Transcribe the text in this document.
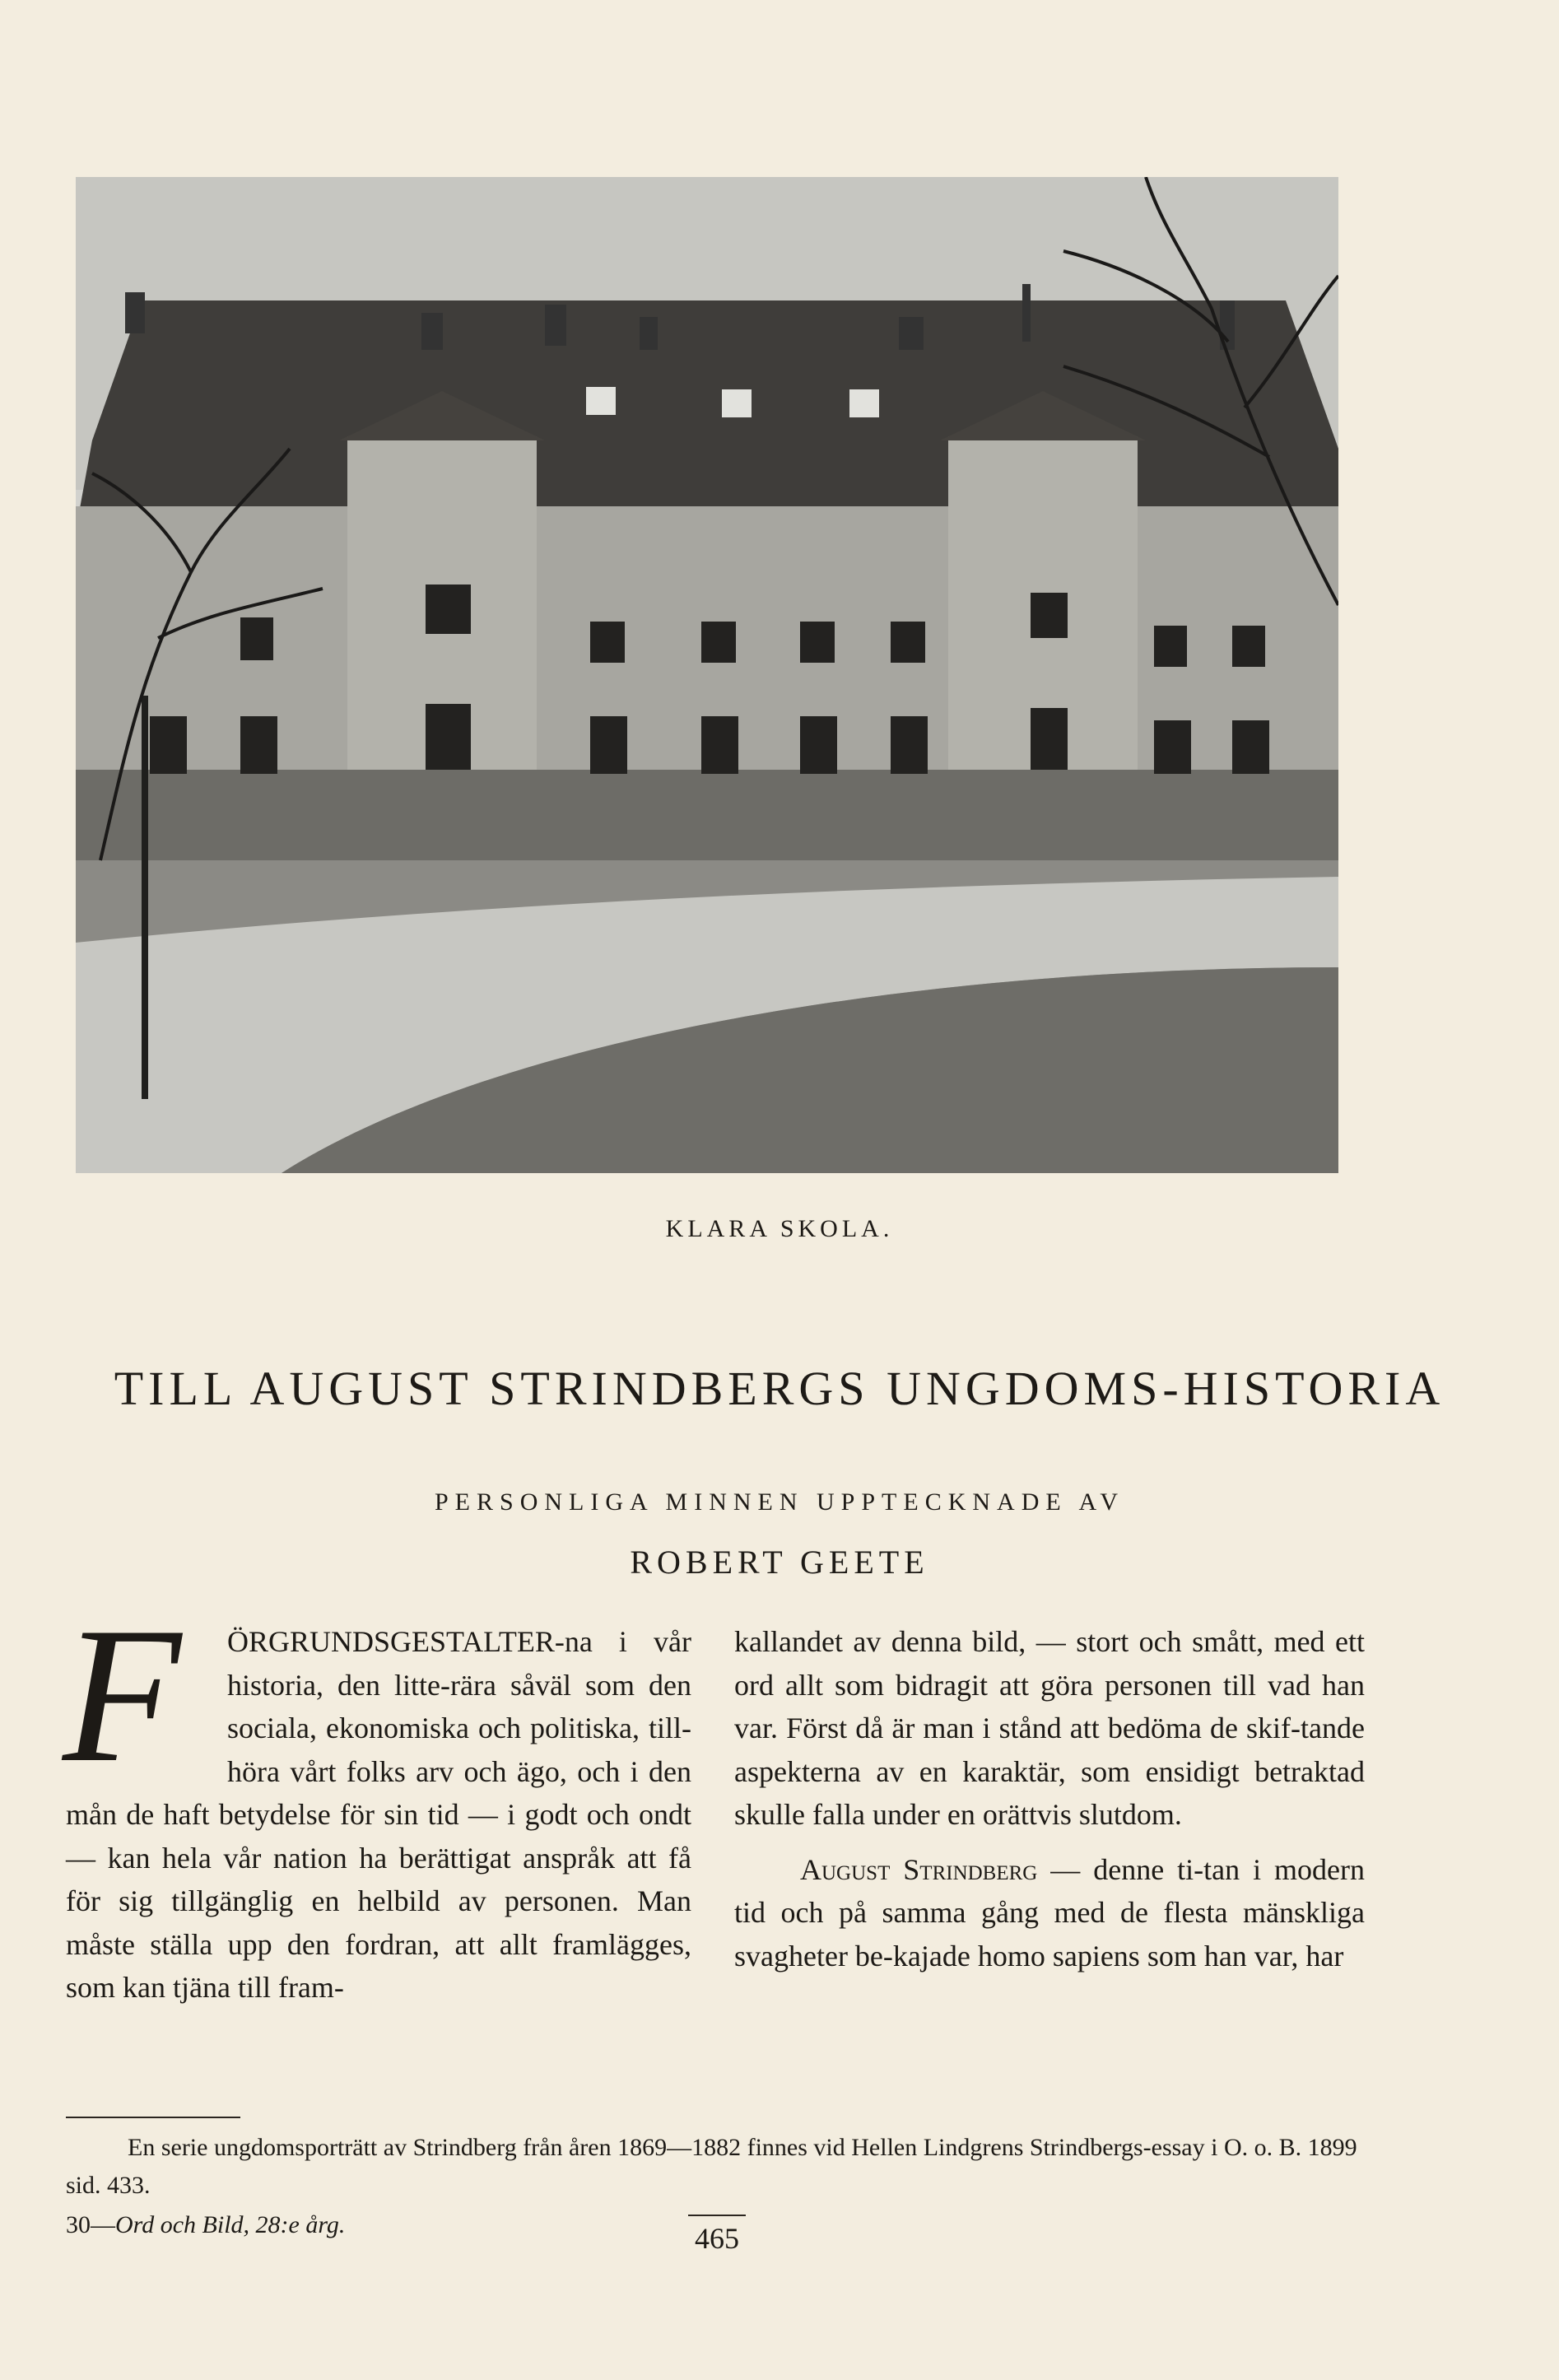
KLARA SKOLA.
TILL AUGUST STRINDBERGS UNGDOMS-HISTORIA
PERSONLIGA MINNEN UPPTECKNADE AV
ROBERT GEETE
F	ÖRGRUNDSGESTALTER-na i vår historia, den litte-rära såväl som den sociala, ekonomiska och politiska, till-höra vårt folks arv och ägo, och i den mån de haft betydelse för sin tid — i godt och ondt — kan hela vår nation ha berättigat anspråk att få för sig tillgänglig en helbild av personen. Man måste ställa upp den fordran, att allt framlägges, som kan tjäna till fram-
kallandet av denna bild, — stort och smått, med ett ord allt som bidragit att göra personen till vad han var. Först då är man i stånd att bedöma de skif-tande aspekterna av en karaktär, som ensidigt betraktad skulle falla under en orättvis slutdom.
August Strindberg — denne ti-tan i modern tid och på samma gång med de flesta mänskliga svagheter be-kajade homo sapiens som han var, har
En serie ungdomsporträtt av Strindberg från åren 1869—1882 finnes vid Hellen Lindgrens Strindbergs-essay i O. o. B. 1899 sid. 433.
30—Ord och Bild, 28:e årg.	465
